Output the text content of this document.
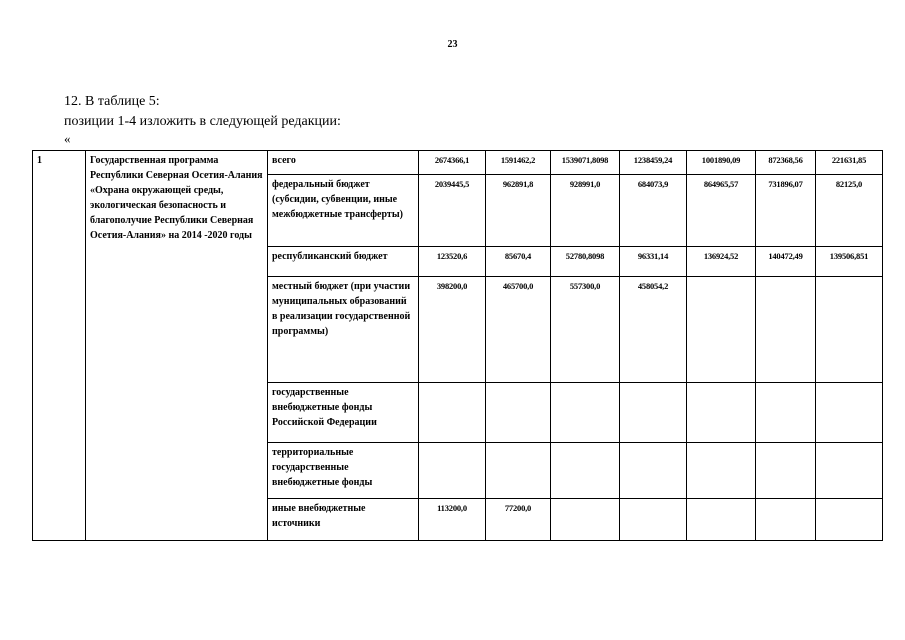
23
12. В таблице 5:
позиции 1-4 изложить в следующей редакции:
«
1	Государственная программа Республики Северная Осетия-Алания «Охрана окружающей среды, экологическая безопасность и благополучие Республики Северная Осетия-Алания» на 2014 -2020 годы	всего	2674366,1	1591462,2	1539071,8098	1238459,24	1001890,09	872368,56	221631,85
		федеральный бюджет (субсидии, субвенции, иные межбюджетные трансферты)	2039445,5	962891,8	928991,0	684073,9	864965,57	731896,07	82125,0
		республиканский бюджет	123520,6	85670,4	52780,8098	96331,14	136924,52	140472,49	139506,851
		местный бюджет (при участии муниципальных образований в реализации государственной программы)	398200,0	465700,0	557300,0	458054,2			
		государственные внебюджетные фонды Российской Федерации							
		территориальные государственные внебюджетные фонды							
		иные внебюджетные источники	113200,0	77200,0					
